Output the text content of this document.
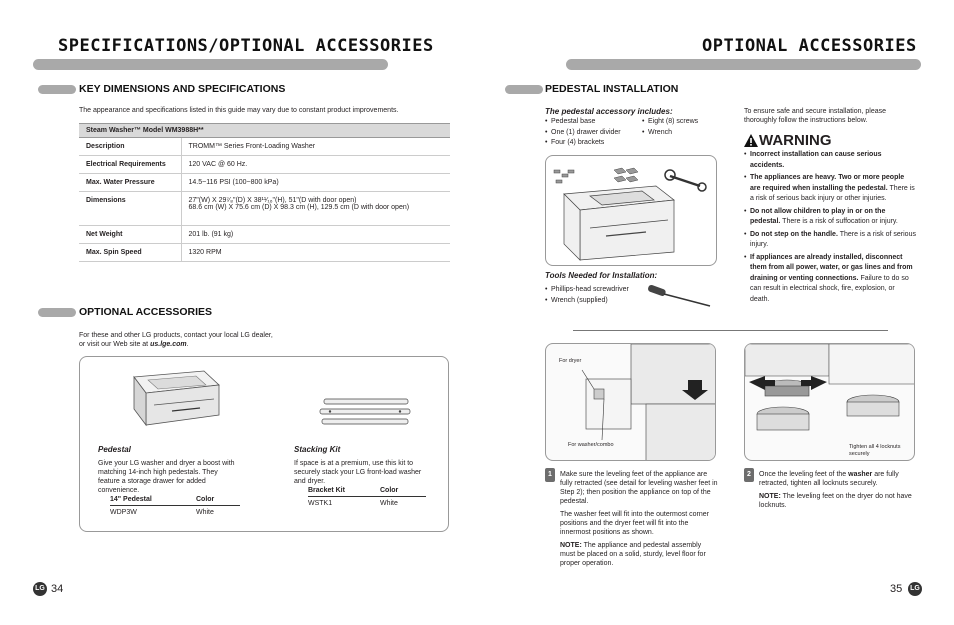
SPECIFICATIONS/OPTIONAL ACCESSORIES
KEY DIMENSIONS AND SPECIFICATIONS
The appearance and specifications listed in this guide may vary due to constant product improvements.
Steam Washer™ Model WM3988H**
Description	TROMM™ Series Front-Loading Washer

Electrical Requirements	120 VAC @ 60 Hz.

Max. Water Pressure	14.5~116 PSI (100~800 kPa)

Dimensions	27"(W) X 29⁷⁄₈"(D) X 38¹¹⁄₁₆"(H), 51"(D with door open)
68.6 cm (W) X 75.6 cm (D) X 98.3 cm (H), 129.5 cm (D with door open)

Net Weight	201 lb. (91 kg)

Max. Spin Speed	1320 RPM
OPTIONAL ACCESSORIES
For these and other LG products, contact your local LG dealer,
or visit our Web site at us.lge.com.
Pedestal
Give your LG washer and dryer a boost with matching 14-inch high pedestals. They feature a storage drawer for added convenience.
14" Pedestal	Color
WDP3W	White
Stacking Kit
If space is at a premium, use this kit to securely stack your LG front-load washer and dryer.
Bracket Kit	Color
WSTK1	White
LG 34
OPTIONAL ACCESSORIES
PEDESTAL INSTALLATION
The pedestal accessory includes:
• Pedestal base
• One (1) drawer divider
• Four (4) brackets
• Eight (8) screws
• Wrench
Tools Needed for Installation:
• Phillips-head screwdriver
• Wrench (supplied)
To ensure safe and secure installation, please thoroughly follow the instructions below.
WARNING
• Incorrect installation can cause serious accidents.
• The appliances are heavy. Two or more people are required when installing the pedestal. There is a risk of serious back injury or other injuries.
• Do not allow children to play in or on the pedestal. There is a risk of suffocation or injury.
• Do not step on the handle. There is a risk of serious injury.
• If appliances are already installed, disconnect them from all power, water, or gas lines and from draining or venting connections. Failure to do so can result in electrical shock, fire, explosion, or death.
For dryer
For washer/combo	Tighten all 4 locknuts securely
1	Make sure the leveling feet of the appliance are fully retracted (see detail for leveling washer feet in Step 2); then position the appliance on top of the pedestal.
The washer feet will fit into the outermost corner positions and the dryer feet will fit into the innermost positions as shown.
NOTE: The appliance and pedestal assembly must be placed on a solid, sturdy, level floor for proper operation.
2	Once the leveling feet of the washer are fully retracted, tighten all locknuts securely.
NOTE: The leveling feet on the dryer do not have locknuts.
35	LG
